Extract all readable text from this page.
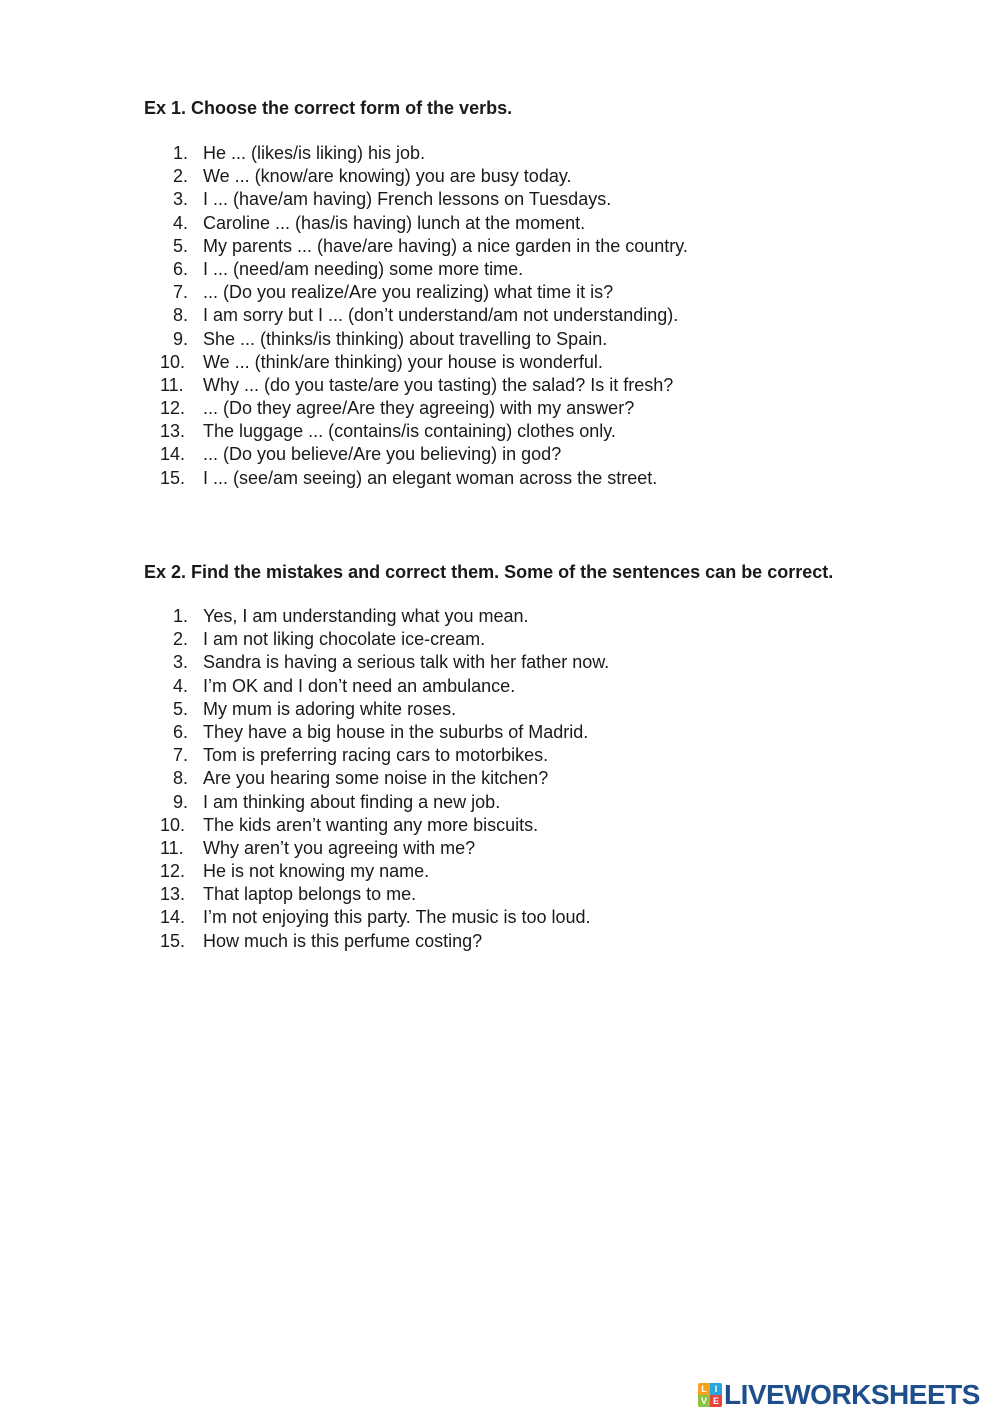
Ex 1. Choose the correct form of the verbs.
1. He ... (likes/is liking) his job.
2. We ... (know/are knowing) you are busy today.
3. I ... (have/am having) French lessons on Tuesdays.
4. Caroline ... (has/is having) lunch at the moment.
5. My parents ... (have/are having) a nice garden in the country.
6. I ... (need/am needing) some more time.
7. ... (Do you realize/Are you realizing) what time it is?
8. I am sorry but I ... (don’t understand/am not understanding).
9. She ... (thinks/is thinking) about travelling to Spain.
10. We ... (think/are thinking) your house is wonderful.
11.	Why ... (do you taste/are you tasting) the salad? Is it fresh?
12. ... (Do they agree/Are they agreeing) with my answer?
13. The luggage ... (contains/is containing) clothes only.
14. ... (Do you believe/Are you believing) in god?
15. I ... (see/am seeing) an elegant woman across the street.
Ex 2. Find the mistakes and correct them. Some of the sentences can be correct.
1. Yes, I am understanding what you mean.
2. I am not liking chocolate ice-cream.
3. Sandra is having a serious talk with her father now.
4. I’m OK and I don’t need an ambulance.
5. My mum is adoring white roses.
6. They have a big house in the suburbs of Madrid.
7. Tom is preferring racing cars to motorbikes.
8. Are you hearing some noise in the kitchen?
9. I am thinking about finding a new job.
10. The kids aren’t wanting any more biscuits.
11.	Why aren’t you agreeing with me?
12. He is not knowing my name.
13. That laptop belongs to me.
14. I’m not enjoying this party. The music is too loud.
15. How much is this perfume costing?
L I
V E LIVEWORKSHEETS
